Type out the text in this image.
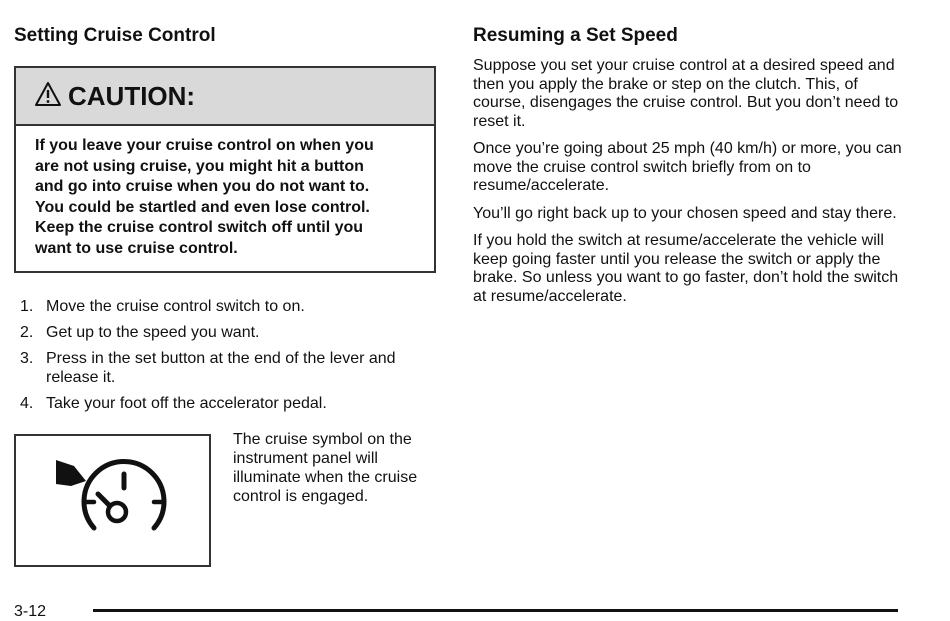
Setting Cruise Control
CAUTION:
If you leave your cruise control on when you
are not using cruise, you might hit a button
and go into cruise when you do not want to.
You could be startled and even lose control.
Keep the cruise control switch off until you
want to use cruise control.
1. Move the cruise control switch to on.
2. Get up to the speed you want.
3. Press in the set button at the end of the lever and release it.
4. Take your foot off the accelerator pedal.
The cruise symbol on the instrument panel will illuminate when the cruise control is engaged.
Resuming a Set Speed

Suppose you set your cruise control at a desired speed and then you apply the brake or step on the clutch. This, of course, disengages the cruise control. But you don’t need to reset it.

Once you’re going about 25 mph (40 km/h) or more, you can move the cruise control switch briefly from on to resume/accelerate.

You’ll go right back up to your chosen speed and stay there.

If you hold the switch at resume/accelerate the vehicle will keep going faster until you release the switch or apply the brake. So unless you want to go faster, don’t hold the switch at resume/accelerate.

3-12
